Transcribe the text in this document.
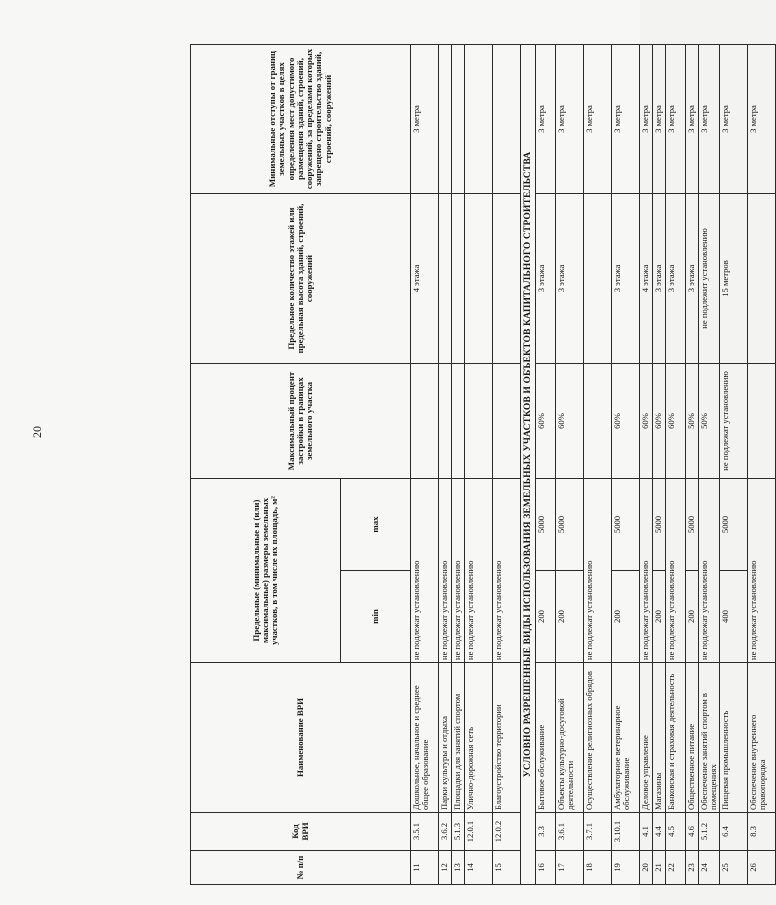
20
№ п/п	Код ВРИ	Наименование ВРИ	Предельные (минимальные и (или) максимальные) размеры земельных участков, в том числе их площадь, м²		Максимальный процент застройки в границах земельного участка	Предельное количество этажей или предельная высота зданий, строений, сооружений	Минимальные отступы от границ земельных участков в целях определения мест допустимого размещения зданий, строений, сооружений, за пределами которых запрещено строительство зданий, строений, сооружений
			min	max			
11	3.5.1	Дошкольное, начальное и среднее общее образование	не подлежат установлению			4 этажа	3 метра
12	3.6.2	Парки культуры и отдыха	не подлежат установлению				
13	5.1.3	Площадки для занятий спортом	не подлежат установлению				
14	12.0.1	Улично-дорожная сеть	не подлежат установлению				
15	12.0.2	Благоустройство территории	не подлежат установлению				
УСЛОВНО РАЗРЕШЕННЫЕ ВИДЫ ИСПОЛЬЗОВАНИЯ ЗЕМЕЛЬНЫХ УЧАСТКОВ И ОБЪЕКТОВ КАПИТАЛЬНОГО СТРОИТЕЛЬСТВА							
16	3.3	Бытовое обслуживание	200	5000	60%	3 этажа	3 метра
17	3.6.1	Объекты культурно-досуговой деятельности	200	5000	60%	3 этажа	3 метра
18	3.7.1	Осуществление религиозных обрядов	не подлежат установлению				3 метра
19	3.10.1	Амбулаторное ветеринарное обслуживание	200	5000	60%	3 этажа	3 метра
20	4.1	Деловое управление	не подлежат установлению		60%	4 этажа	3 метра
21	4.4	Магазины	200	5000	60%	3 этажа	3 метра
22	4.5	Банковская и страховая деятельность	не подлежат установлению		60%	3 этажа	3 метра
23	4.6	Общественное питание	200	5000	50%	3 этажа	3 метра
24	5.1.2	Обеспечение занятий спортом в помещениях	не подлежат установлению		50%	не подлежит установлению	3 метра
25	6.4	Пищевая промышленность	400	5000	не подлежат установлению	15 метров	3 метра
26	8.3	Обеспечение внутреннего правопорядка	не подлежат установлению				3 метра
